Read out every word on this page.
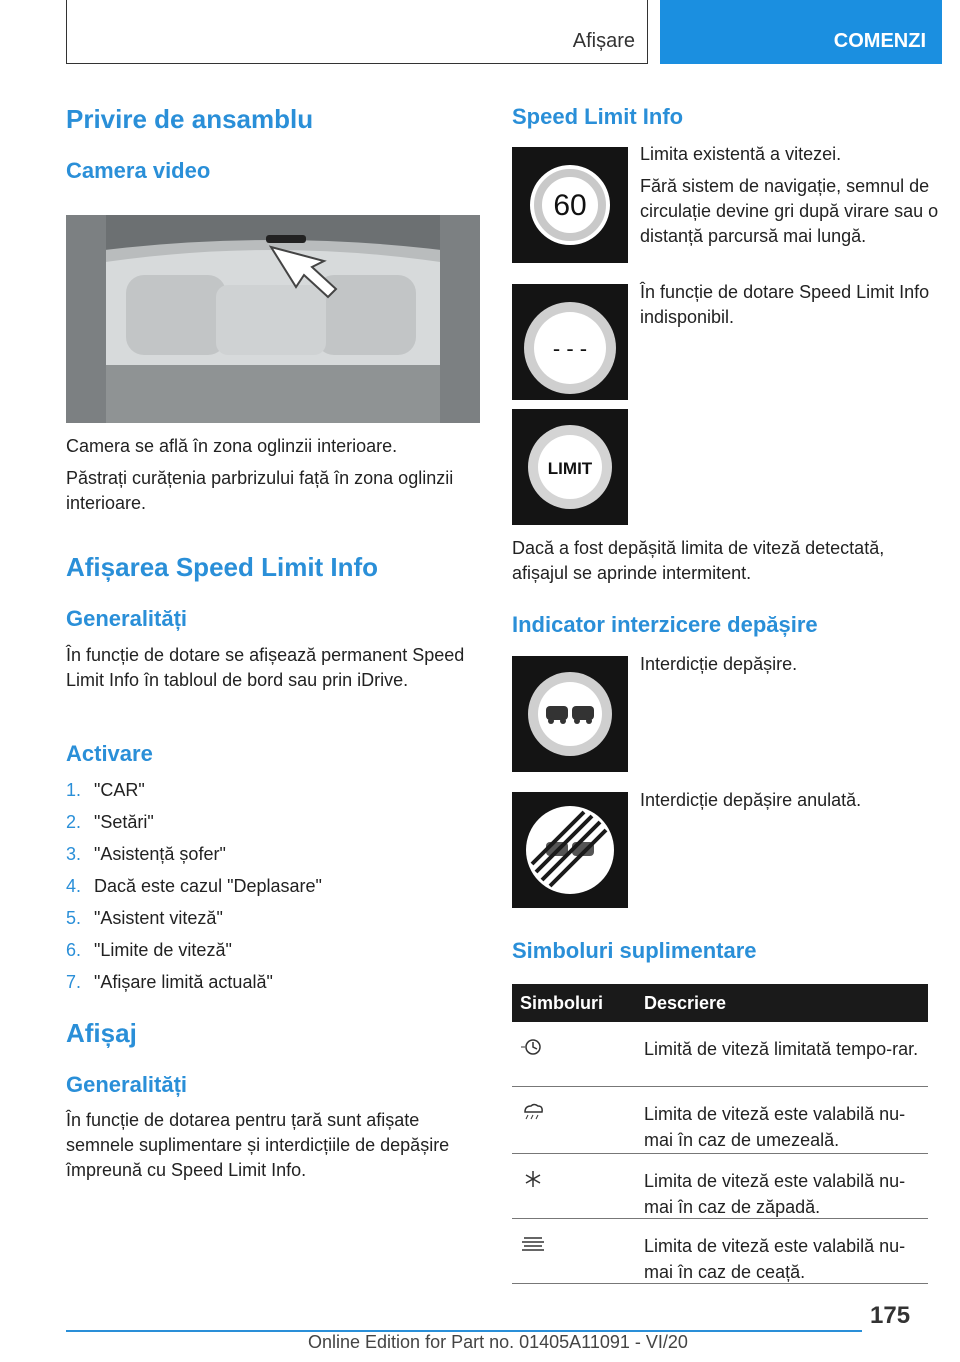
Afișare	COMENZI
Privire de ansamblu
Camera video
Camera se află în zona oglinzii interioare.
Păstrați curățenia parbrizului față în zona oglinzii interioare.
Afișarea Speed Limit Info
Generalități
În funcție de dotare se afișează permanent Speed Limit Info în tabloul de bord sau prin iDrive.
Activare
1. "CAR"
2. "Setări"
3. "Asistență șofer"
4. Dacă este cazul "Deplasare"
5. "Asistent viteză"
6. "Limite de viteză"
7. "Afișare limită actuală"
Afișaj
Generalități
În funcție de dotarea pentru țară sunt afișate semnele suplimentare și interdicțiile de depășire împreună cu Speed Limit Info.
Speed Limit Info
60
Limita existentă a vitezei.
Fără sistem de navigație, semnul de circulație devine gri după virare sau o distanță parcursă mai lungă.
- - -
În funcție de dotare Speed Limit Info indisponibil.
LIMIT
Dacă a fost depășită limita de viteză detectată, afișajul se aprinde intermitent.
Indicator interzicere depășire
Interdicție depășire.
Interdicție depășire anulată.
Simboluri suplimentare
Simboluri Descriere
Limită de viteză limitată tempo-rar.
Limita de viteză este valabilă nu-mai în caz de umezeală.
Limita de viteză este valabilă nu-mai în caz de zăpadă.
Limita de viteză este valabilă nu-mai în caz de ceață.
175
Online Edition for Part no. 01405A11091 - VI/20
